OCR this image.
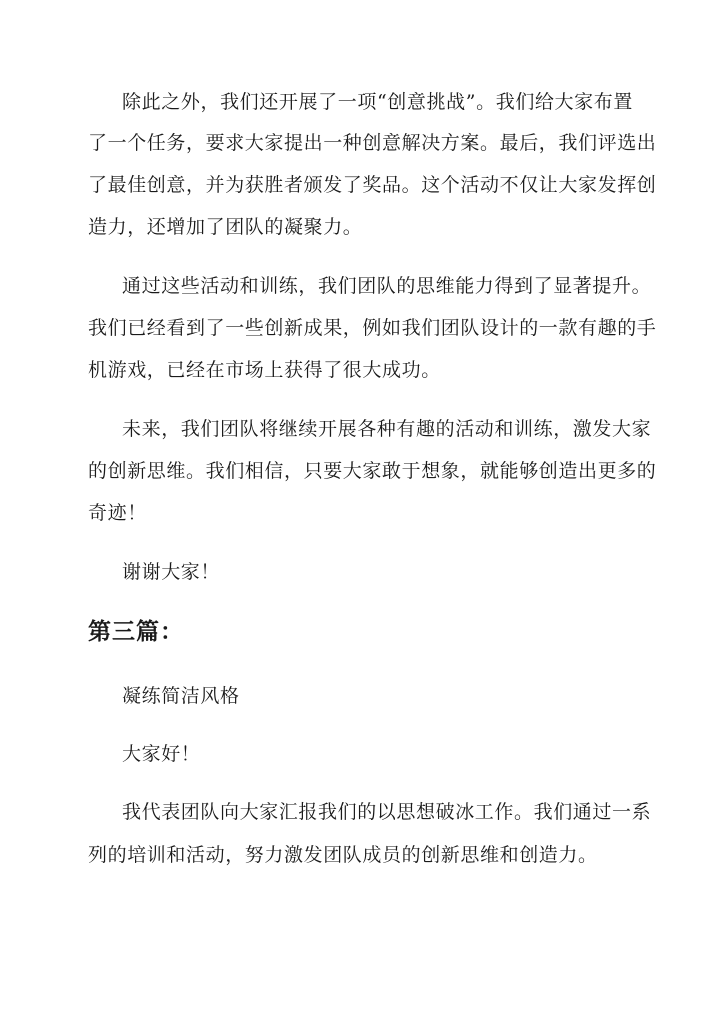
除此之外，我们还开展了一项“创意挑战”。我们给大家布置
了一个任务，要求大家提出一种创意解决方案。最后，我们评选出
了最佳创意，并为获胜者颁发了奖品。这个活动不仅让大家发挥创
造力，还增加了团队的凝聚力。
通过这些活动和训练，我们团队的思维能力得到了显著提升。
我们已经看到了一些创新成果，例如我们团队设计的一款有趣的手
机游戏，已经在市场上获得了很大成功。
未来，我们团队将继续开展各种有趣的活动和训练，激发大家
的创新思维。我们相信，只要大家敢于想象，就能够创造出更多的
奇迹！
谢谢大家！
第三篇：
凝练简洁风格
大家好！
我代表团队向大家汇报我们的以思想破冰工作。我们通过一系
列的培训和活动，努力激发团队成员的创新思维和创造力。
